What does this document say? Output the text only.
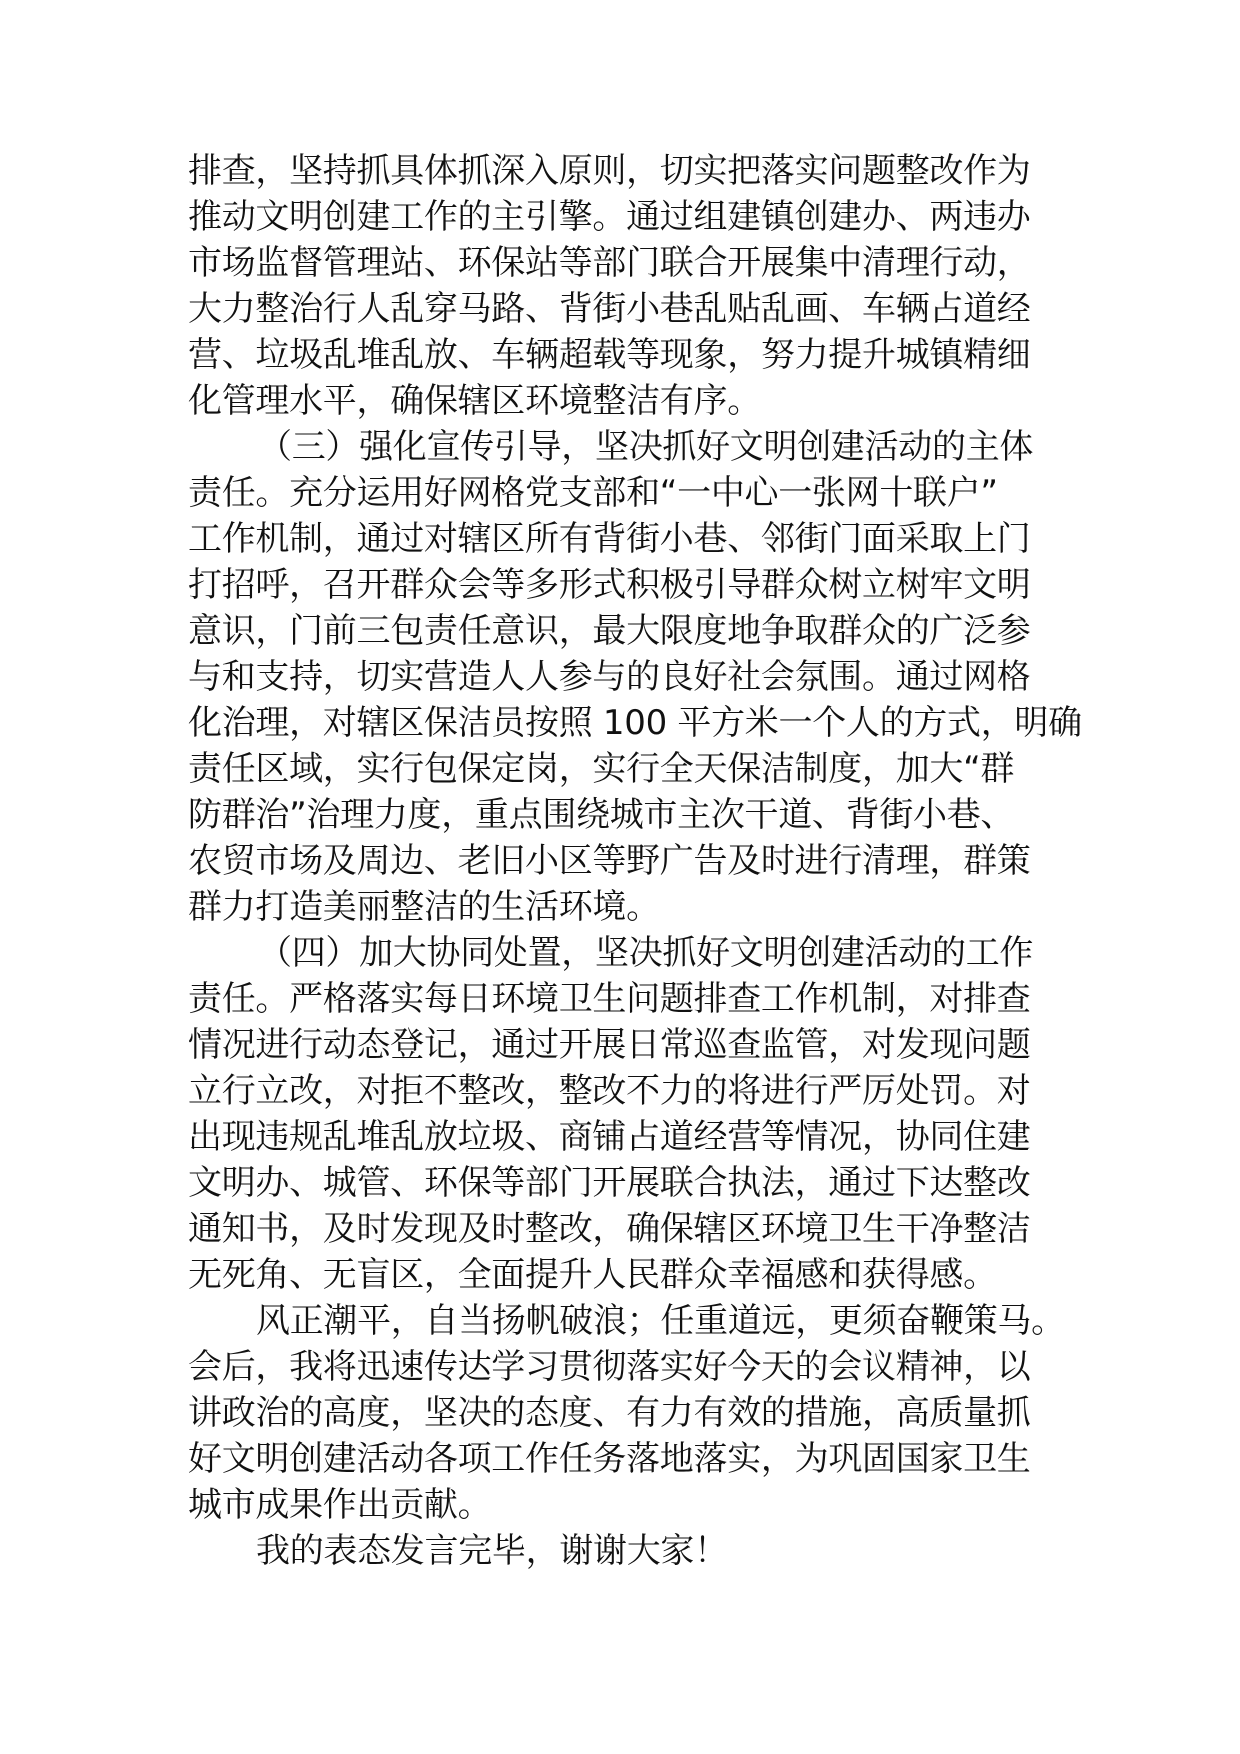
排查，坚持抓具体抓深入原则，切实把落实问题整改作为
推动文明创建工作的主引擎。通过组建镇创建办、两违办
市场监督管理站、环保站等部门联合开展集中清理行动，
大力整治行人乱穿马路、背街小巷乱贴乱画、车辆占道经
营、垃圾乱堆乱放、车辆超载等现象，努力提升城镇精细
化管理水平，确保辖区环境整洁有序。
（三）强化宣传引导，坚决抓好文明创建活动的主体
责任。充分运用好网格党支部和“一中心一张网十联户”
工作机制，通过对辖区所有背街小巷、邻街门面采取上门
打招呼，召开群众会等多形式积极引导群众树立树牢文明
意识，门前三包责任意识，最大限度地争取群众的广泛参
与和支持，切实营造人人参与的良好社会氛围。通过网格
化治理，对辖区保洁员按照 100 平方米一个人的方式，明确
责任区域，实行包保定岗，实行全天保洁制度，加大“群
防群治”治理力度，重点围绕城市主次干道、背街小巷、
农贸市场及周边、老旧小区等野广告及时进行清理，群策
群力打造美丽整洁的生活环境。
（四）加大协同处置，坚决抓好文明创建活动的工作
责任。严格落实每日环境卫生问题排查工作机制，对排查
情况进行动态登记，通过开展日常巡查监管，对发现问题
立行立改，对拒不整改，整改不力的将进行严厉处罚。对
出现违规乱堆乱放垃圾、商铺占道经营等情况，协同住建
文明办、城管、环保等部门开展联合执法，通过下达整改
通知书，及时发现及时整改，确保辖区环境卫生干净整洁
无死角、无盲区，全面提升人民群众幸福感和获得感。
风正潮平，自当扬帆破浪；任重道远，更须奋鞭策马。
会后，我将迅速传达学习贯彻落实好今天的会议精神，以
讲政治的高度，坚决的态度、有力有效的措施，高质量抓
好文明创建活动各项工作任务落地落实，为巩固国家卫生
城市成果作出贡献。
我的表态发言完毕，谢谢大家！
